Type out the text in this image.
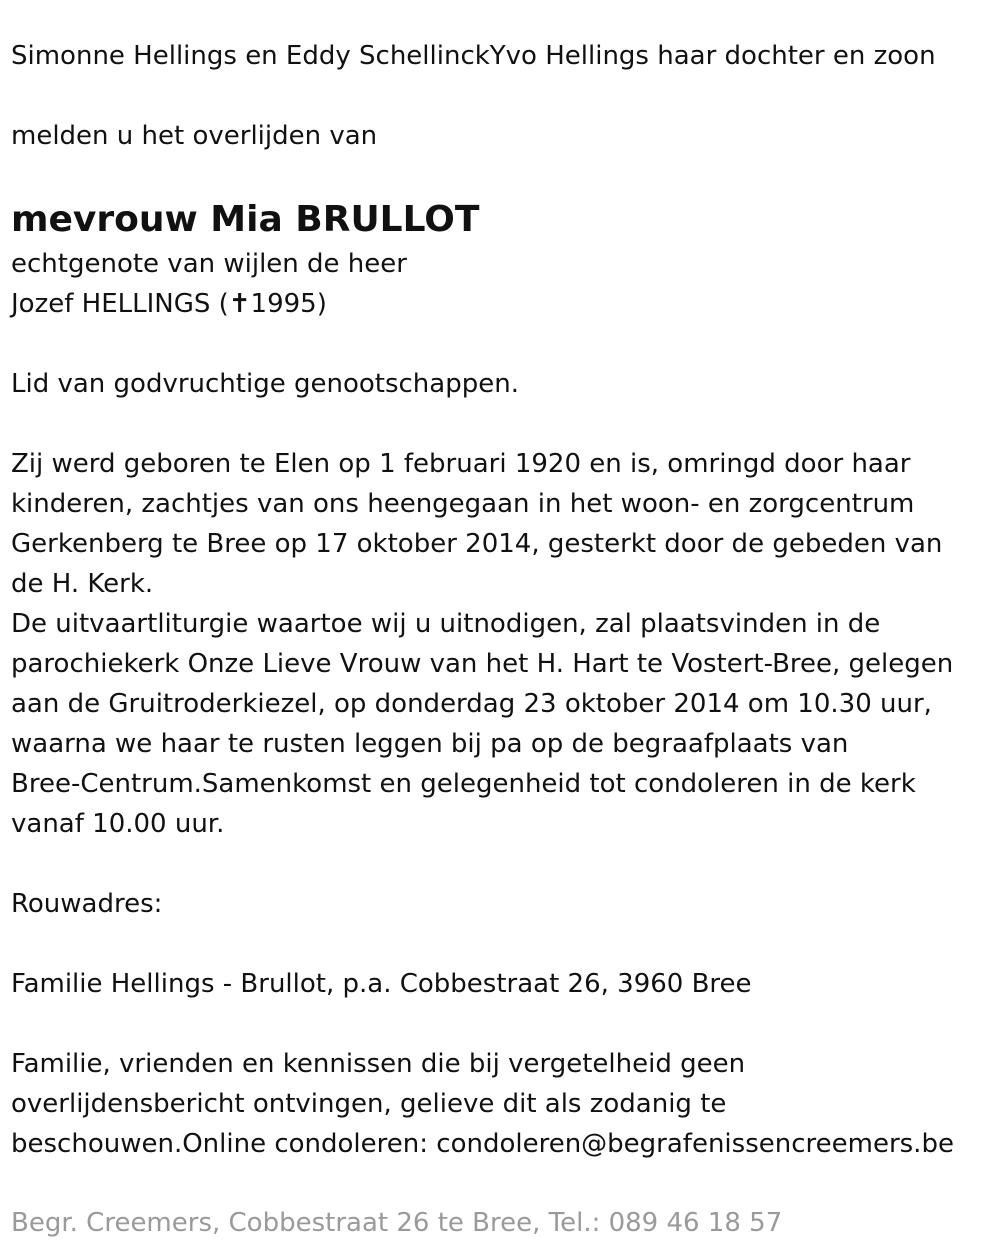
Simonne Hellings en Eddy SchellinckYvo Hellings haar dochter en zoon
melden u het overlijden van
mevrouw Mia BRULLOT
echtgenote van wijlen de heer
Jozef HELLINGS (✝1995)
Lid van godvruchtige genootschappen.
Zij werd geboren te Elen op 1 februari 1920 en is, omringd door haar
kinderen, zachtjes van ons heengegaan in het woon- en zorgcentrum
Gerkenberg te Bree op 17 oktober 2014, gesterkt door de gebeden van
de H. Kerk.
De uitvaartliturgie waartoe wij u uitnodigen, zal plaatsvinden in de
parochiekerk Onze Lieve Vrouw van het H. Hart te Vostert-Bree, gelegen
aan de Gruitroderkiezel, op donderdag 23 oktober 2014 om 10.30 uur,
waarna we haar te rusten leggen bij pa op de begraafplaats van
Bree-Centrum.Samenkomst en gelegenheid tot condoleren in de kerk
vanaf 10.00 uur.
Rouwadres:
Familie Hellings - Brullot, p.a. Cobbestraat 26, 3960 Bree
Familie, vrienden en kennissen die bij vergetelheid geen
overlijdensbericht ontvingen, gelieve dit als zodanig te
beschouwen.Online condoleren: condoleren@begrafenissencreemers.be
Begr. Creemers, Cobbestraat 26 te Bree, Tel.: 089 46 18 57
